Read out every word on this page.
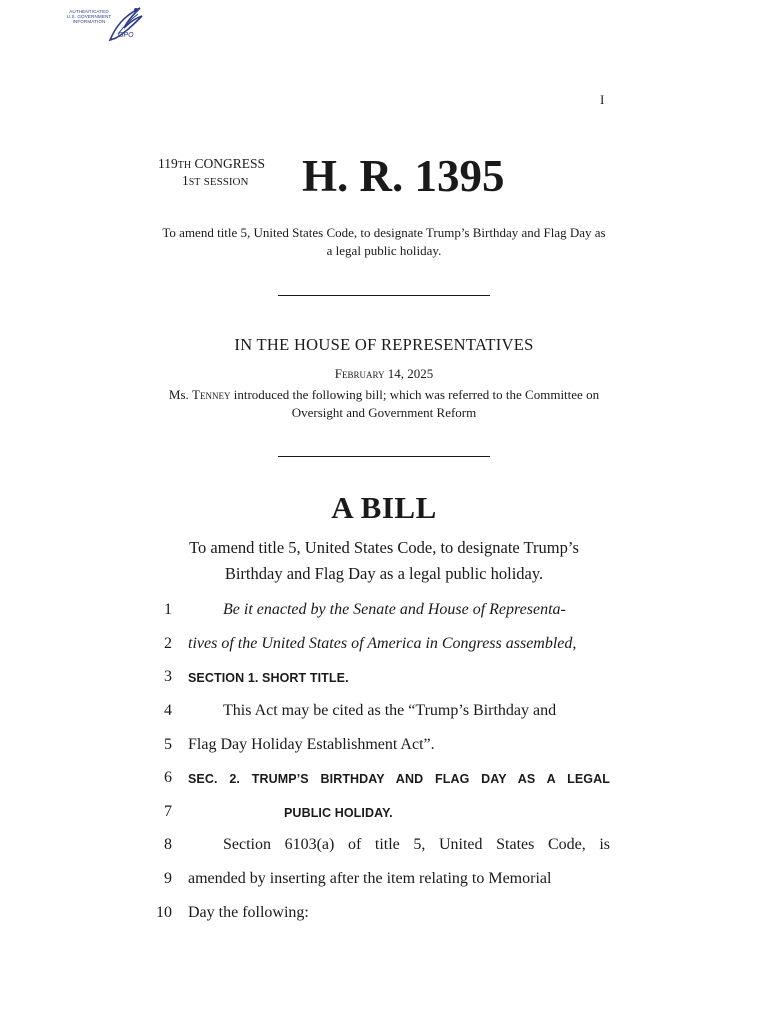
AUTHENTICATED
U.S. GOVERNMENT
INFORMATION
GPO
I
119TH CONGRESS
1ST SESSION	H. R. 1395
To amend title 5, United States Code, to designate Trump’s Birthday and Flag Day as a legal public holiday.
IN THE HOUSE OF REPRESENTATIVES
February 14, 2025
Ms. Tenney introduced the following bill; which was referred to the Committee on Oversight and Government Reform
A BILL
To amend title 5, United States Code, to designate Trump’s Birthday and Flag Day as a legal public holiday.
1	Be it enacted by the Senate and House of Representa-
2 tives of the United States of America in Congress assembled,
3 SECTION 1. SHORT TITLE.
4	This Act may be cited as the “Trump’s Birthday and
5 Flag Day Holiday Establishment Act”.
6 SEC. 2. TRUMP’S BIRTHDAY AND FLAG DAY AS A LEGAL
7	PUBLIC HOLIDAY.
8	Section 6103(a) of title 5, United States Code, is
9 amended by inserting after the item relating to Memorial
10 Day the following:
